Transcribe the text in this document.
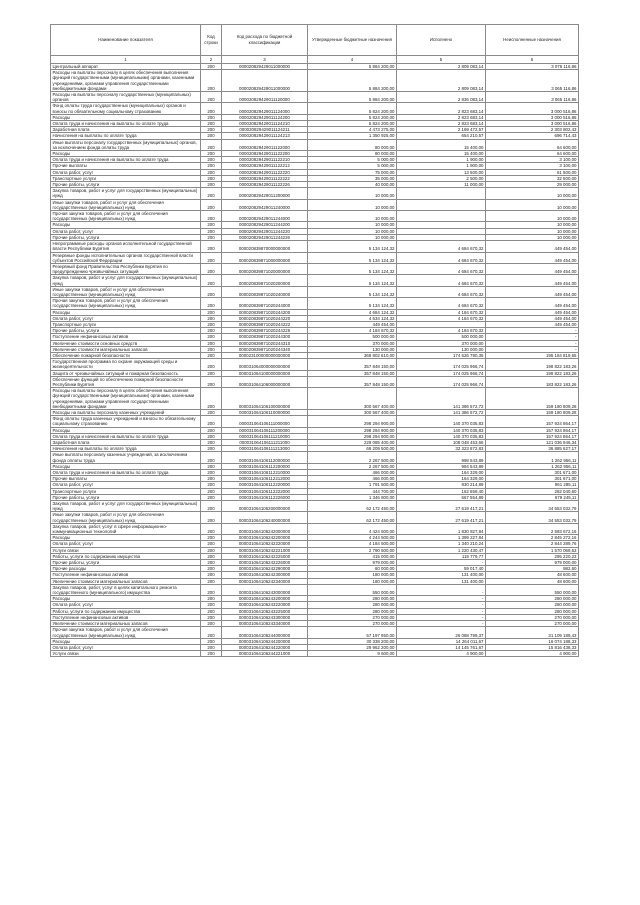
Наименование показателя	Код строки	Код расхода по бюджетной классификации	Утвержденные бюджетные назначения	Исполнено	Неисполненные назначения
1	2	3	4	5	6
Центральный аппарат	200	000020829429011000000	5 884 200,00	2 809 083,14	3 075 116,86
Расходы на выплаты персоналу в целях обеспечения выполнения функций государственными (муниципальными) органами, казенными учреждениями, органами управления государственными внебюджетными фондами	200	000020829429011000000	5 884 200,00	2 809 083,14	3 065 116,86
Расходы на выплаты персоналу государственных (муниципальных) органов	200	000020829429011120000	5 884 200,00	2 836 083,14	3 065 116,86
Фонд оплаты труда государственных (муниципальных) органов и взносы по обязательному социальному страхованию	200	000020829429011124000	5 824 200,00	2 823 683,14	3 000 516,86
Расходы	200	000020829429011124200	5 824 200,00	2 823 683,14	3 000 516,86
Оплата труда и начисления на выплаты по оплате труда	200	000020829429011124210	5 824 200,00	2 823 683,14	3 000 516,86
Заработная плата	200	000020829429011124211	4 473 275,00	2 169 472,57	2 303 802,43
Начисления на выплаты по оплате труда	200	000020829429011124213	1 350 925,00	654 210,57	696 714,43
Иные выплаты персоналу государственных (муниципальных) органов, за исключением фонда оплаты труда	200	000020829429011122000	80 000,00	15 400,00	64 600,00
Расходы	200	000020829429011122200	80 000,00	15 400,00	64 600,00
Оплата труда и начисления на выплаты по оплате труда	200	000020829429011122210	5 000,00	1 900,00	3 100,00
Прочие выплаты	200	000020829429011122212	5 000,00	1 900,00	3 100,00
Оплата работ, услуг	200	000020829429011122220	75 000,00	13 500,00	61 500,00
Транспортные услуги	200	000020829429011122222	35 000,00	2 500,00	32 500,00
Прочие работы, услуги	200	000020829429011122226	40 000,00	11 000,00	29 000,00
Закупка товаров, работ и услуг для государственных (муниципальных) нужд	200	000020829429011200000	10 000,00		10 000,00
Иные закупки товаров, работ и услуг для обеспечения государственных (муниципальных) нужд	200	000020829429011240000	10 000,00		10 000,00
Прочая закупка товаров, работ и услуг для обеспечения государственных (муниципальных) нужд	200	000020829429011244000	10 000,00		10 000,00
Расходы	200	000020829429011244200	10 000,00		10 000,00
Оплата работ, услуг	200	000020829429011244220	10 000,00		10 000,00
Прочие работы, услуги	200	000020829429011244226	10 000,00		10 000,00
Непрограммные расходы органов исполнительной государственной власти Республики Бурятия	200	000020839870000000000	5 134 124,32	4 684 670,32	449 454,00
Резервные фонды исполнительных органов государственной власти субъектов Российской Федерации	200	000020839871000000000	5 134 124,32	4 684 670,32	449 454,00
Резервный фонд Правительства Республики Бурятия по предупреждению чрезвычайных ситуаций	200	000020839871020000000	5 134 124,32	4 684 670,32	449 454,00
Закупка товаров, работ и услуг для государственных (муниципальных) нужд	200	000020839871020200000	5 134 124,32	4 684 670,32	449 454,00
Иные закупки товаров, работ и услуг для обеспечения государственных (муниципальных) нужд	200	000020839871020240000	5 134 124,32	4 684 670,32	449 454,00
Прочая закупка товаров, работ и услуг для обеспечения государственных (муниципальных) нужд	200	000020839871020244000	5 134 124,32	4 684 670,32	449 454,00
Расходы	200	000020839871020244200	4 684 124,32	4 184 670,32	449 454,00
Оплата работ, услуг	200	000020839871020244220	4 634 124,32	4 184 670,32	449 454,00
Транспортные услуги	200	000020839871020244222	449 454,00		449 454,00
Прочие работы, услуги	200	000020839871020244226	4 184 670,32	4 184 670,32	-
Поступление нефинансовых активов	200	000020839871020244300	500 000,00	500 000,00	-
Увеличение стоимости основных средств	200	000020839871020244310	370 000,00	370 000,00	-
Увеличение стоимости материальных запасов	200	000020839871020244340	130 000,00	130 000,00	-
Обеспечение пожарной безопасности	200	000023100000000000000	369 802 610,00	174 626 790,35	195 184 819,65
Государственная программа по охране окружающей среды и жизнедеятельности	200	000031064000000000000	357 848 150,00	174 025 966,74	198 822 183,26
Защита от чрезвычайных ситуаций и пожарная безопасность	200	000031064100000000000	357 848 150,00	174 025 966,74	198 822 183,26
Обеспечение функций по обеспечению пожарной безопасности Республики Бурятия	200	000031064106000000000	357 848 150,00	174 025 966,74	183 822 183,26
Расходы на выплаты персоналу в целях обеспечения выполнения функций государственными (муниципальными) органами, казенными учреждениями, органами управления государственными внебюджетными фондами	200	000031064106100000000	300 567 400,00	141 386 572,72	159 180 809,28
Расходы на выплаты персоналу казенных учреждений	200	000031064106110000000	300 567 400,00	141 386 572,72	159 180 809,28
Фонд оплаты труда казенных учреждений и взносы по обязательному социальному страхованию	200	000031064106111000000	298 294 900,00	140 370 035,83	157 924 864,17
Расходы	200	000031064106111200000	298 294 900,00	140 370 035,83	157 924 864,17
Оплата труда и начисления на выплаты по оплате труда	200	000031064106111210000	298 294 900,00	140 370 035,83	157 924 864,17
Заработная плата	200	000031064106111211000	229 085 400,00	108 048 453,66	121 036 946,34
Начисления на выплаты по оплате труда	200	000031064106111213000	69 209 500,00	32 323 872,83	36 885 627,17
Иные выплаты персоналу казенных учреждений, за исключением фонда оплаты труда	200	000031064106112000000	2 267 500,00	998 543,89	1 262 956,11
Расходы	200	000031064106112200000	2 267 500,00	994 543,89	1 262 956,11
Оплата труда и начисления на выплаты по оплате труда	200	000031064106112210000	466 000,00	164 329,00	301 671,00
Прочие выплаты	200	000031064106112212000	466 000,00	164 329,00	301 671,00
Оплата работ, услуг	200	000031064106112220000	1 791 500,00	830 214,89	961 285,11
Транспортные услуги	200	000031064106112222000	444 700,00	162 659,40	282 040,60
Прочие работы, услуги	200	000031064106112226000	1 346 800,00	667 554,89	679 245,11
Закупка товаров, работ и услуг для государственных (муниципальных) нужд	200	000031064106200000000	62 172 450,00	27 619 417,21	34 553 032,79
Иные закупки товаров, работ и услуг для обеспечения государственных (муниципальных) нужд	200	000031064106240000000	62 172 450,00	27 619 417,21	34 553 032,79
Закупка товаров, работ, услуг в сфере информационно-коммуникационных технологий	200	000031064106242000000	4 424 500,00	1 830 827,84	2 593 672,16
Расходы	200	000031064106242200000	4 244 500,00	1 399 227,84	2 845 272,16
Оплата работ, услуг	200	000031064106242220000	4 184 500,00	1 340 210,24	2 844 289,76
Услуги связи	200	000031064106242221000	2 790 500,00	1 220 430,47	1 570 069,53
Работы, услуги по содержанию имущества	200	000031064106242225000	415 000,00	119 779,77	295 220,23
Прочие работы, услуги	200	000031064106242226000	979 000,00	-	979 000,00
Прочие расходы	200	000031064106242290000	60 000,00	59 017,40	982,60
Поступление нефинансовых активов	200	000031064106242300000	180 000,00	131 400,00	48 600,00
Увеличение стоимости материальных запасов	200	000031064106242340000	180 000,00	131 400,00	48 600,00
Закупка товаров, работ, услуг в целях капитального ремонта государственного (муниципального) имущества	200	000031064106243000000	550 000,00	-	550 000,00
Расходы	200	000031064106243200000	280 000,00	-	280 000,00
Оплата работ, услуг	200	000031064106243220000	280 000,00	-	280 000,00
Работы, услуги по содержанию имущества	200	000031064106243225000	280 000,00	-	280 000,00
Поступление нефинансовых активов	200	000031064106243300000	270 000,00	-	270 000,00
Увеличение стоимости материальных запасов	200	000031064106243340000	270 000,00	-	270 000,00
Прочая закупка товаров, работ и услуг для обеспечения государственных (муниципальных) нужд	200	000031064106244000000	57 197 950,00	26 088 799,37	31 109 189,43
Расходы	200	000031064106244200000	30 338 200,00	14 264 011,67	16 074 188,33
Оплата работ, услуг	200	000031064106244220000	29 962 200,00	14 145 761,67	15 816 438,33
Услуги связи	200	000031064106244221000	9 600,00	4 900,00	4 900,00
